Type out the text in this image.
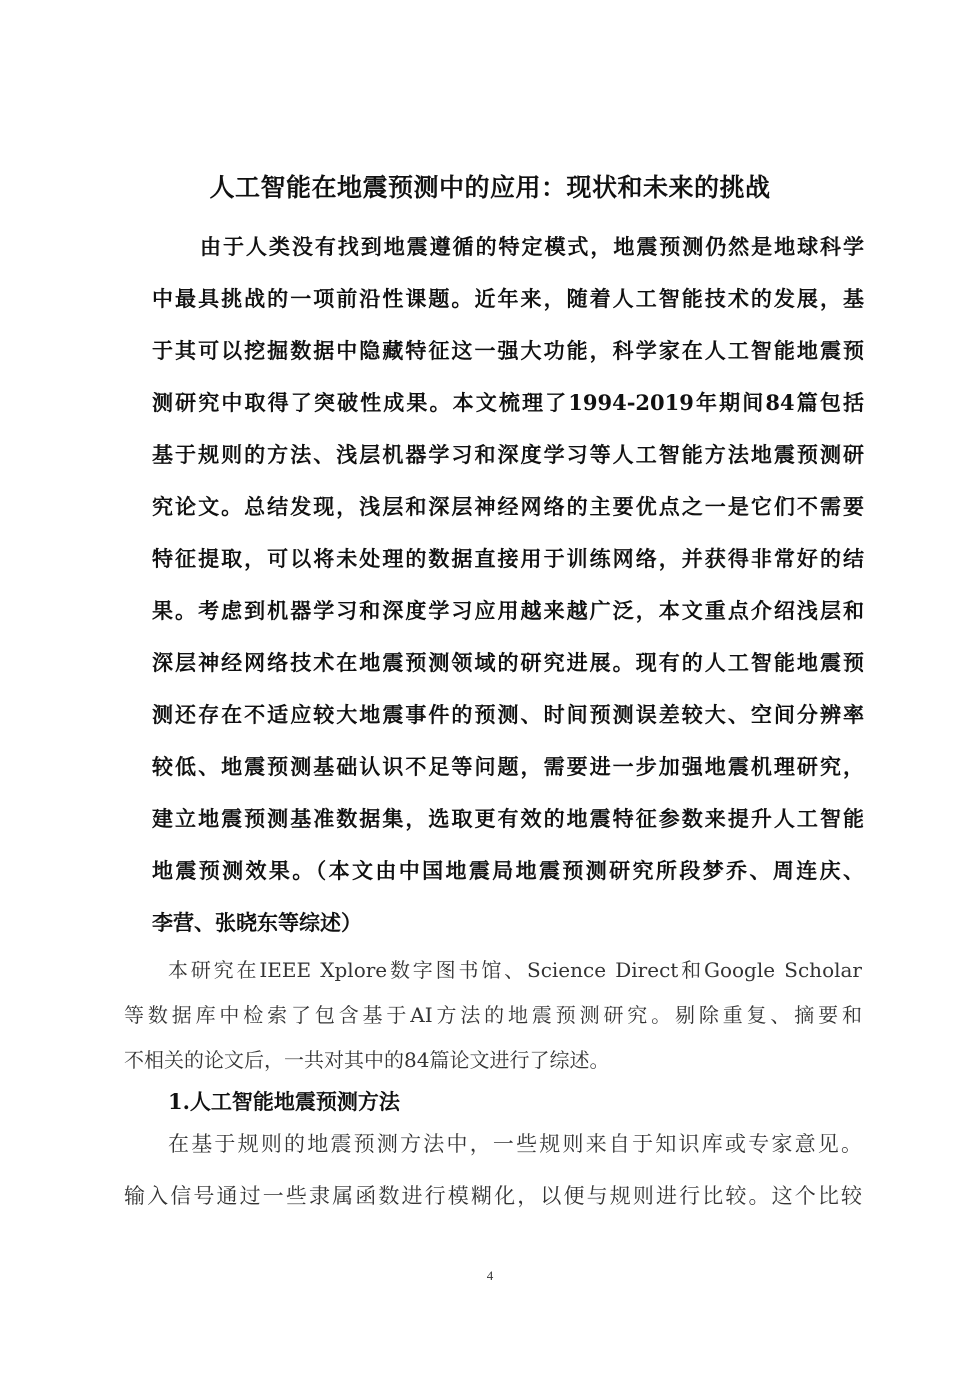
人工智能在地震预测中的应用：现状和未来的挑战
由于人类没有找到地震遵循的特定模式，地震预测仍然是地球科学
中最具挑战的一项前沿性课题。近年来，随着人工智能技术的发展，基
于其可以挖掘数据中隐藏特征这一强大功能，科学家在人工智能地震预
测研究中取得了突破性成果。本文梳理了1994-2019年期间84篇包括
基于规则的方法、浅层机器学习和深度学习等人工智能方法地震预测研
究论文。总结发现，浅层和深层神经网络的主要优点之一是它们不需要
特征提取，可以将未处理的数据直接用于训练网络，并获得非常好的结
果。考虑到机器学习和深度学习应用越来越广泛，本文重点介绍浅层和
深层神经网络技术在地震预测领域的研究进展。现有的人工智能地震预
测还存在不适应较大地震事件的预测、时间预测误差较大、空间分辨率
较低、地震预测基础认识不足等问题，需要进一步加强地震机理研究，
建立地震预测基准数据集，选取更有效的地震特征参数来提升人工智能
地震预测效果。（本文由中国地震局地震预测研究所段梦乔、周连庆、
李营、张晓东等综述）
本研究在IEEE Xplore数字图书馆、Science Direct和Google Scholar
等数据库中检索了包含基于AI方法的地震预测研究。剔除重复、摘要和
不相关的论文后，一共对其中的84篇论文进行了综述。
1.人工智能地震预测方法
在基于规则的地震预测方法中，一些规则来自于知识库或专家意见。
输入信号通过一些隶属函数进行模糊化，以便与规则进行比较。这个比较
4
